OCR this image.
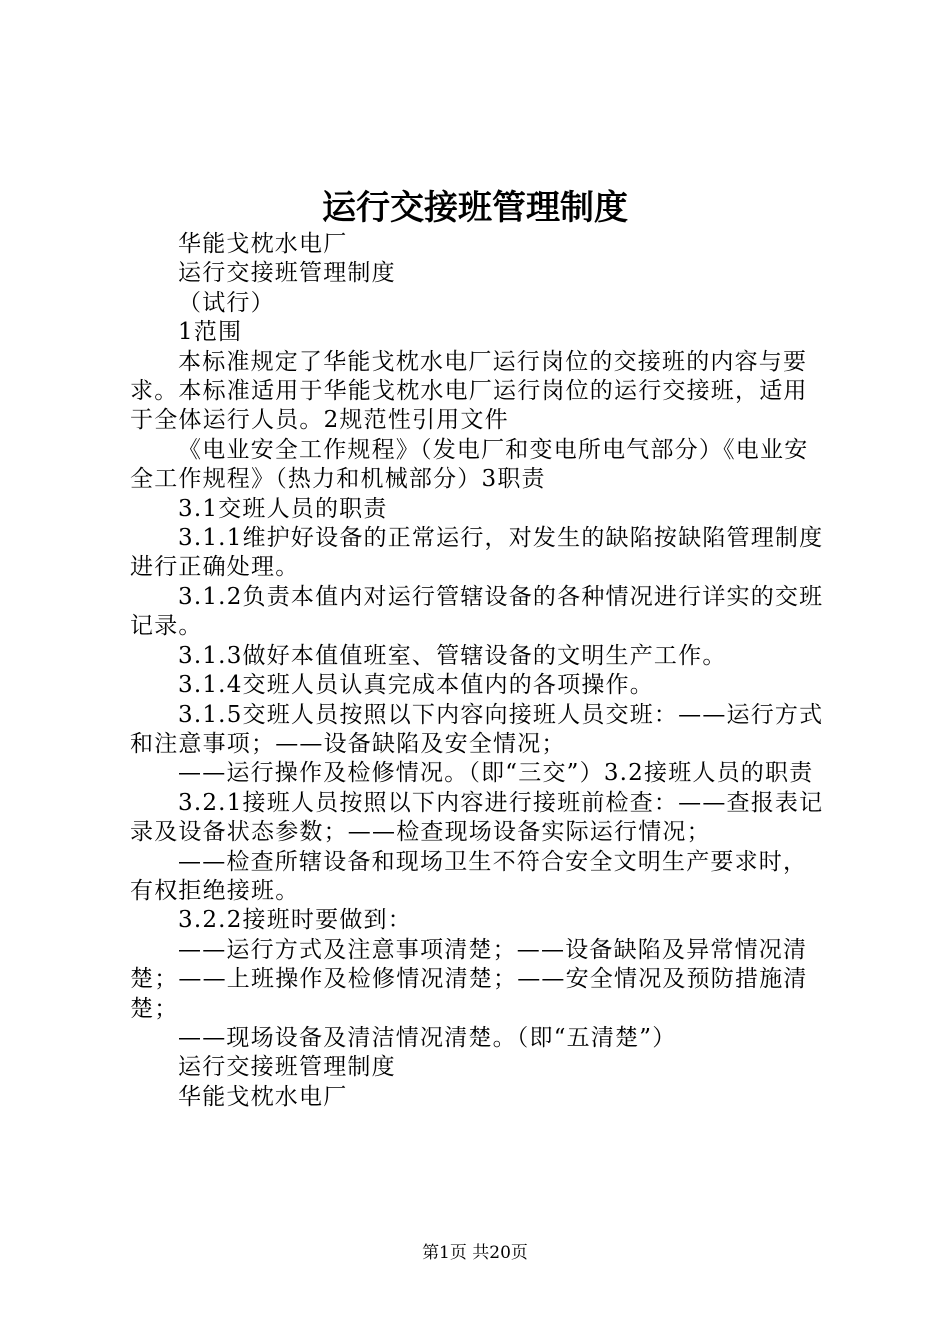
运行交接班管理制度

华能戈枕水电厂

运行交接班管理制度

（试行）

1范围

本标准规定了华能戈枕水电厂运行岗位的交接班的内容与要求。本标准适用于华能戈枕水电厂运行岗位的运行交接班，适用于全体运行人员。2规范性引用文件

《电业安全工作规程》（发电厂和变电所电气部分）《电业安全工作规程》（热力和机械部分）3职责

3.1交班人员的职责

3.1.1维护好设备的正常运行，对发生的缺陷按缺陷管理制度进行正确处理。

3.1.2负责本值内对运行管辖设备的各种情况进行详实的交班记录。

3.1.3做好本值值班室、管辖设备的文明生产工作。

3.1.4交班人员认真完成本值内的各项操作。

3.1.5交班人员按照以下内容向接班人员交班：——运行方式和注意事项；——设备缺陷及安全情况；

——运行操作及检修情况。（即“三交”）3.2接班人员的职责

3.2.1接班人员按照以下内容进行接班前检查：——查报表记录及设备状态参数；——检查现场设备实际运行情况；

——检查所辖设备和现场卫生不符合安全文明生产要求时，有权拒绝接班。

3.2.2接班时要做到：

——运行方式及注意事项清楚；——设备缺陷及异常情况清楚；——上班操作及检修情况清楚；——安全情况及预防措施清楚；

——现场设备及清洁情况清楚。（即“五清楚”）

运行交接班管理制度

华能戈枕水电厂

第1页 共20页
